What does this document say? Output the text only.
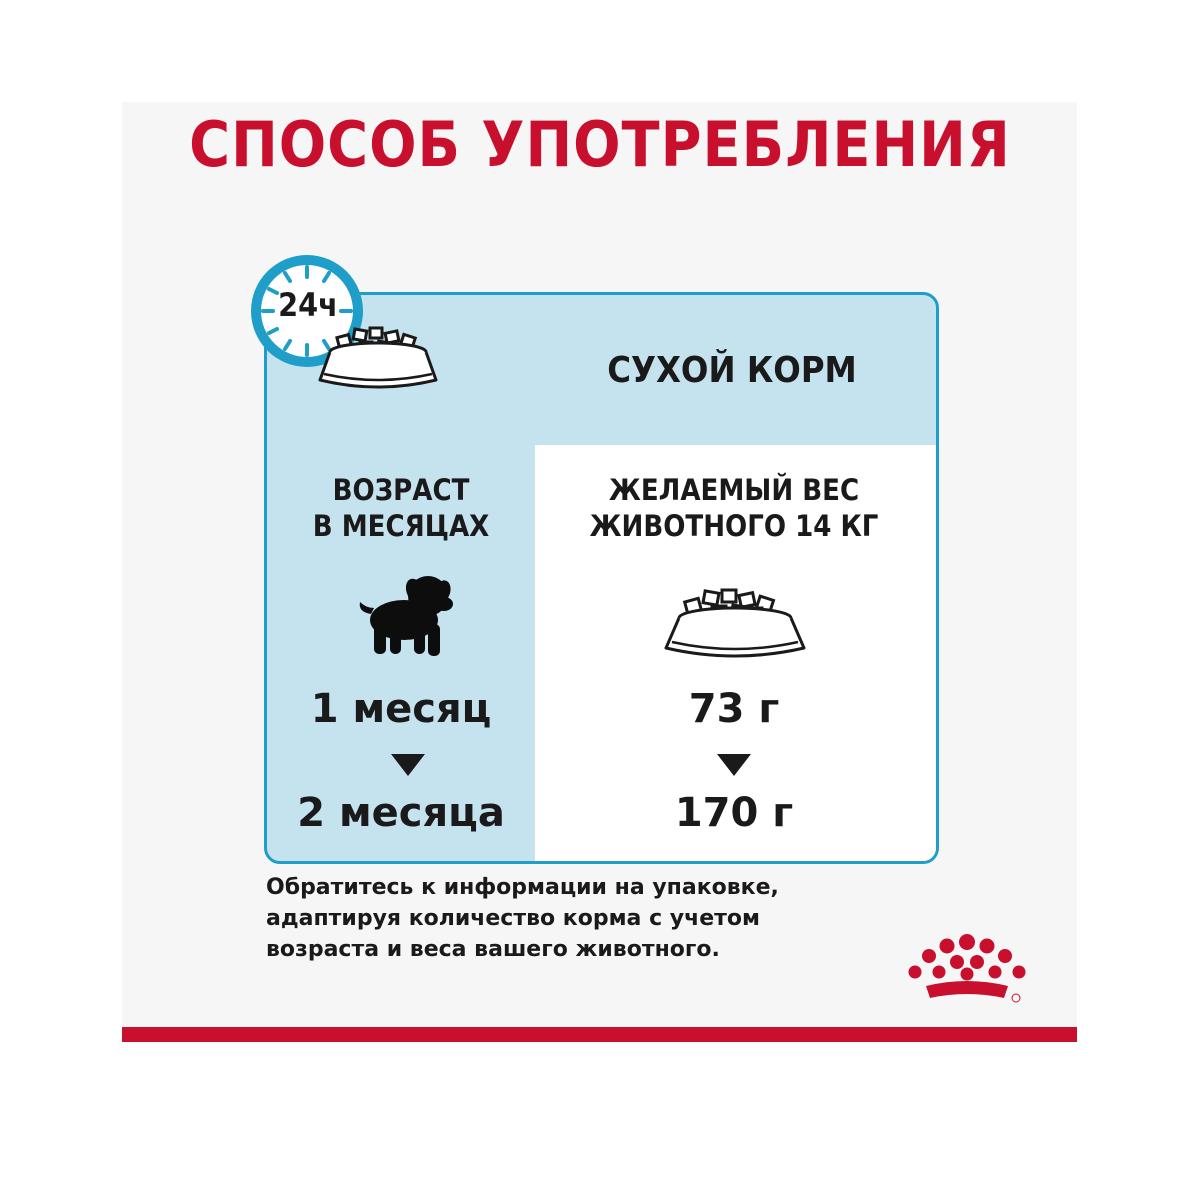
СПОСОБ УПОТРЕБЛЕНИЯ
24ч
СУХОЙ КОРМ
ВОЗРАСТ
В МЕСЯЦАХ
ЖЕЛАЕМЫЙ ВЕС
ЖИВОТНОГО 14 КГ
1 месяц
2 месяца
73 г
170 г
Обратитесь к информации на упаковке,
адаптируя количество корма с учетом
возраста и веса вашего животного.
